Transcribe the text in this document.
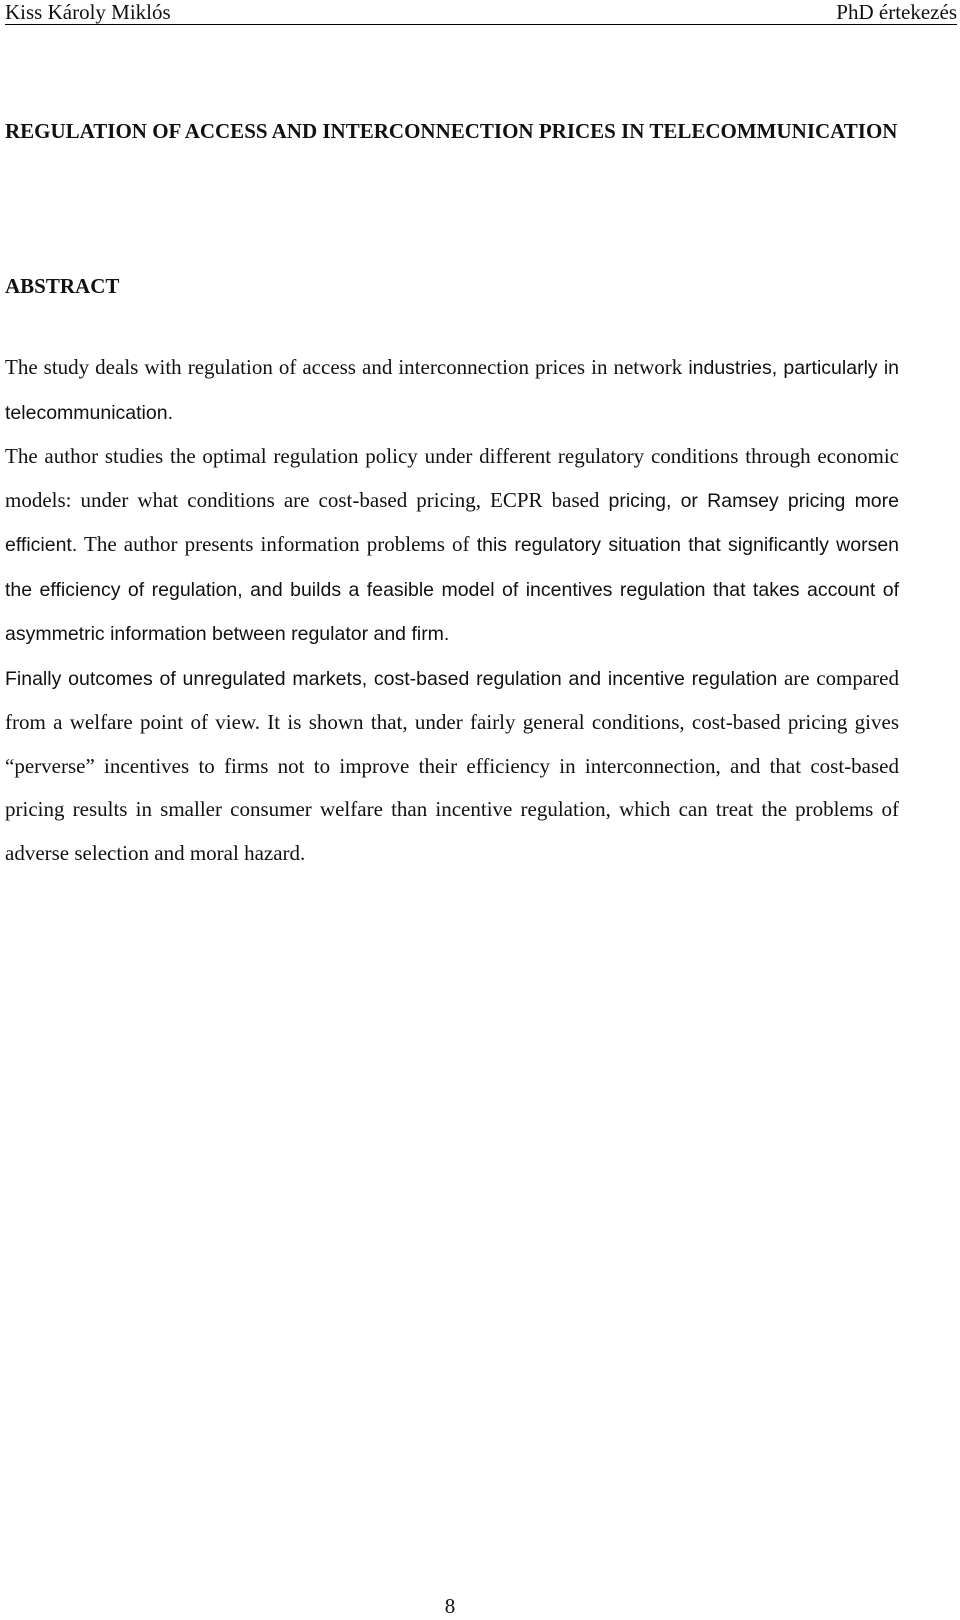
Kiss Károly Miklós	PhD értekezés

REGULATION OF ACCESS AND INTERCONNECTION PRICES IN TELECOMMUNICATION

ABSTRACT

The study deals with regulation of access and interconnection prices in network industries, particularly in telecommunication.

The author studies the optimal regulation policy under different regulatory conditions through economic models: under what conditions are cost-based pricing, ECPR based pricing, or Ramsey pricing more efficient. The author presents information problems of this regulatory situation that significantly worsen the efficiency of regulation, and builds a feasible model of incentives regulation that takes account of asymmetric information between regulator and firm.

Finally outcomes of unregulated markets, cost-based regulation and incentive regulation are compared from a welfare point of view. It is shown that, under fairly general conditions, cost-based pricing gives “perverse” incentives to firms not to improve their efficiency in interconnection, and that cost-based pricing results in smaller consumer welfare than incentive regulation, which can treat the problems of adverse selection and moral hazard.

8
